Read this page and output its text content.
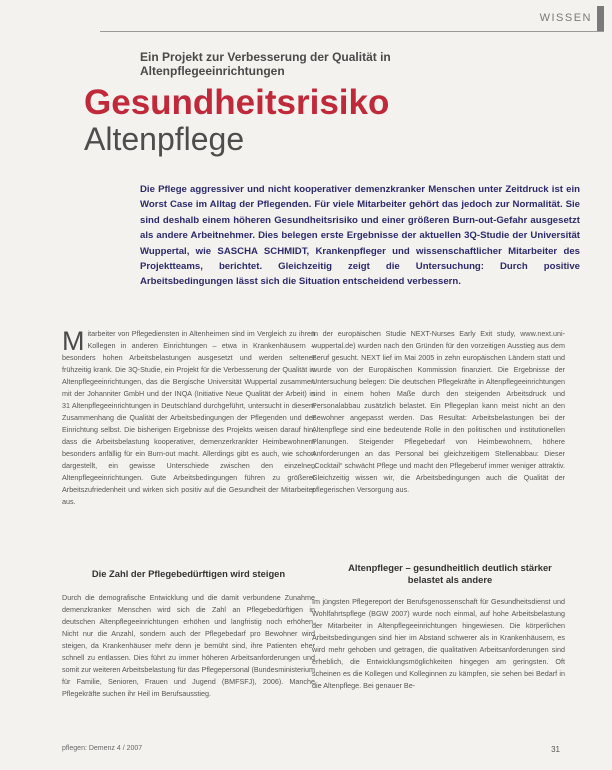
WISSEN
Ein Projekt zur Verbesserung der Qualität in Altenpflegeeinrichtungen
Gesundheitsrisiko
Altenpflege
Die Pflege aggressiver und nicht kooperativer demenzkranker Menschen unter Zeitdruck ist ein Worst Case im Alltag der Pflegenden. Für viele Mitarbeiter gehört das jedoch zur Normalität. Sie sind deshalb einem höheren Gesundheitsrisiko und einer größeren Burn-out-Gefahr ausgesetzt als andere Arbeitnehmer. Dies belegen erste Ergebnisse der aktuellen 3Q-Studie der Universität Wuppertal, wie SASCHA SCHMIDT, Krankenpfleger und wissenschaftlicher Mitarbeiter des Projektteams, berichtet. Gleichzeitig zeigt die Untersuchung: Durch positive Arbeitsbedingungen lässt sich die Situation entscheidend verbessern.
Mitarbeiter von Pflegediensten in Altenheimen sind im Vergleich zu ihren Kollegen in anderen Einrichtungen – etwa in Krankenhäusern – besonders hohen Arbeitsbelastungen ausgesetzt und werden seltener frühzeitig krank. Die 3Q-Studie, ein Projekt für die Verbesserung der Qualität in Altenpflegeeinrichtungen, das die Bergische Universität Wuppertal zusammen mit der Johanniter GmbH und der INQA (Initiative Neue Qualität der Arbeit) in 31 Altenpflegeeinrichtungen in Deutschland durchgeführt, untersucht in diesem Zusammenhang die Qualität der Arbeitsbedingungen der Pflegenden und der Einrichtung selbst. Die bisherigen Ergebnisse des Projekts weisen darauf hin, dass die Arbeitsbelastung kooperativer, demenzerkrankter Heimbewohnern besonders anfällig für ein Burn-out macht. Allerdings gibt es auch, wie schon dargestellt, ein gewisse Unterschiede zwischen den einzelnen Altenpflegeeinrichtungen. Gute Arbeitsbedingungen führen zu größerer Arbeitszufriedenheit und wirken sich positiv auf die Gesundheit der Mitarbeiter aus.
In der europäischen Studie NEXT-Nurses Early Exit study, www.next.uni-wuppertal.de) wurden nach den Gründen für den vorzeitigen Ausstieg aus dem Beruf gesucht. NEXT lief im Mai 2005 in zehn europäischen Ländern statt und wurde von der Europäischen Kommission finanziert. Die Ergebnisse der Untersuchung belegen: Die deutschen Pflegekräfte in Altenpflegeeinrichtungen sind in einem hohen Maße durch den steigenden Arbeitsdruck und Personalabbau zusätzlich belastet. Ein Pflegeplan kann meist nicht an den Bewohner angepasst werden. Das Resultat: Arbeitsbelastungen bei der Altenpflege sind eine bedeutende Rolle in den politischen und institutionellen Planungen. Steigender Pflegebedarf von Heimbewohnern, höhere Anforderungen an das Personal bei gleichzeitigem Stellenabbau: Dieser „Cocktail“ schwächt Pflege und macht den Pflegeberuf immer weniger attraktiv. Gleichzeitig wissen wir, die Arbeitsbedingungen auch die Qualität der pflegerischen Versorgung aus.
Die Zahl der Pflegebedürftigen wird steigen
Altenpfleger – gesundheitlich deutlich stärker belastet als andere
Durch die demografische Entwicklung und die damit verbundene Zunahme demenzkranker Menschen wird sich die Zahl an Pflegebedürftigen in deutschen Altenpflegeeinrichtungen erhöhen und langfristig noch erhöhen. Nicht nur die Anzahl, sondern auch der Pflegebedarf pro Bewohner wird steigen, da Krankenhäuser mehr denn je bemüht sind, ihre Patienten eher schnell zu entlassen. Dies führt zu immer höheren Arbeitsanforderungen und somit zur weiteren Arbeitsbelastung für das Pflegepersonal (Bundesministerium für Familie, Senioren, Frauen und Jugend (BMFSFJ), 2006). Manche Pflegekräfte suchen ihr Heil im Berufsausstieg.
Im jüngsten Pflegereport der Berufsgenossenschaft für Gesundheitsdienst und Wohlfahrtspflege (BGW 2007) wurde noch einmal, auf hohe Arbeitsbelastung der Mitarbeiter in Altenpflegeeinrichtungen hingewiesen. Die körperlichen Arbeitsbedingungen sind hier im Abstand schwerer als in Krankenhäusern, es wird mehr gehoben und getragen, die qualitativen Arbeitsanforderungen sind erheblich, die Entwicklungsmöglichkeiten hingegen am geringsten. Oft scheinen es die Kollegen und Kolleginnen zu kämpfen, sie sehen bei Bedarf in die Altenpflege. Bei genauer Be-
pflegen: Demenz 4 / 2007	31
